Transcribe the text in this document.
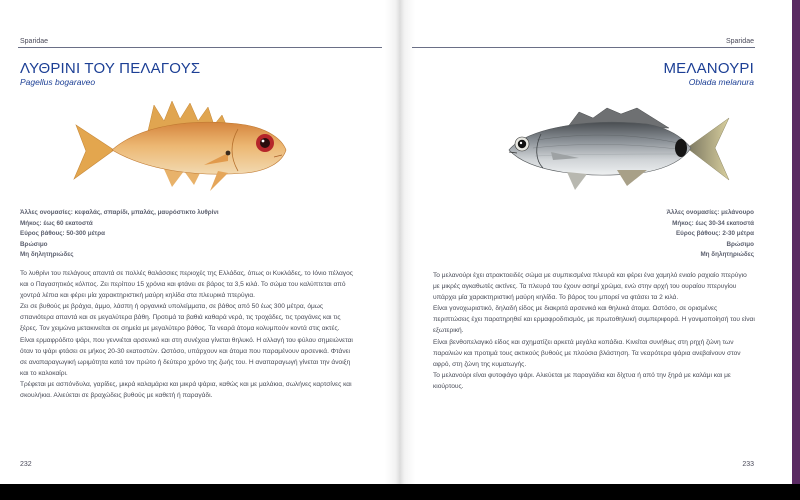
Sparidae
ΛΥΘΡΙΝΙ ΤΟΥ ΠΕΛΑΓΟΥΣ
Pagellus bogaraveo
Άλλες ονομασίες: κεφαλάς, σπαρίδι, μπαλάς, μαυρόστικτο λυθρίνι
Μήκος: έως 60 εκατοστά
Εύρος βάθους: 50-300 μέτρα
Βρώσιμο
Μη δηλητηριώδες

Το λυθρίνι του πελάγους απαντά σε πολλές θαλάσσιες περιοχές της Ελλάδας, όπως οι Κυκλάδες, το Ιόνιο πέλαγος και ο Παγασητικός κόλπος. Ζει περίπου 15 χρόνια και φτάνει σε βάρος τα 3,5 κιλά. Το σώμα του καλύπτεται από χοντρά λέπια και φέρει μία χαρακτηριστική μαύρη κηλίδα στα πλευρικά πτερύγια.

Ζει σε βυθούς με βράχια, άμμο, λάσπη ή οργανικά υπολείμματα, σε βάθος από 50 έως 300 μέτρα, όμως σπανιότερα απαντά και σε μεγαλύτερα βάθη. Προτιμά τα βαθιά καθαρά νερά, τις τροχάδες, τις τραγάνες και τις ξέρες. Τον χειμώνα μετακινείται σε σημεία με μεγαλύτερο βάθος. Τα νεαρά άτομα κολυμπούν κοντά στις ακτές.

Είναι ερμαφρόδιτο ψάρι, που γεννιέται αρσενικό και στη συνέχεια γίνεται θηλυκό. Η αλλαγή του φύλου σημειώνεται όταν το ψάρι φτάσει σε μήκος 20-30 εκατοστών. Ωστόσο, υπάρχουν και άτομα που παραμένουν αρσενικά. Φτάνει σε αναπαραγωγική ωριμότητα κατά τον πρώτο ή δεύτερο χρόνο της ζωής του. Η αναπαραγωγή γίνεται την άνοιξη και το καλοκαίρι.

Τρέφεται με ασπόνδυλα, γαρίδες, μικρά καλαμάρια και μικρά ψάρια, καθώς και με μαλάκια, σωλήνες καρτσίνες και σκουλήκια. Αλιεύεται σε βραχώδεις βυθούς με καθετή ή παραγάδι.

232
Sparidae
ΜΕΛΑΝΟΥΡΙ
Oblada melanura
Άλλες ονομασίες: μελάνουρο
Μήκος: έως 30-34 εκατοστά
Εύρος βάθους: 2-30 μέτρα
Βρώσιμο
Μη δηλητηριώδες

Το μελανούρι έχει ατρακτοειδές σώμα με συμπιεσμένα πλευρά και φέρει ένα χαμηλό ενιαίο ραχιαίο πτερύγιο με μικρές αγκαθωτές ακτίνες. Τα πλευρά του έχουν ασημί χρώμα, ενώ στην αρχή του ουραίου πτερυγίου υπάρχει μία χαρακτηριστική μαύρη κηλίδα. Το βάρος του μπορεί να φτάσει τα 2 κιλά.

Είναι γονοχωριστικό, δηλαδή είδος με διακριτά αρσενικά και θηλυκά άτομα. Ωστόσο, σε ορισμένες περιπτώσεις έχει παρατηρηθεί και ερμαφροδιτισμός, με πρωτοθηλυκή συμπεριφορά. Η γονιμοποίησή του είναι εξωτερική.

Είναι βενθοπελαγικό είδος και σχηματίζει αρκετά μεγάλα κοπάδια. Κινείται συνήθως στη ρηχή ζώνη των παραλιών και προτιμά τους ακτικούς βυθούς με πλούσια βλάστηση. Τα νεαρότερα ψάρια ανεβαίνουν στον αφρό, στη ζώνη της κυματωγής.

Το μελανούρι είναι φυτοφάγο ψάρι. Αλιεύεται με παραγάδια και δίχτυα ή από την ξηρά με καλάμι και με κιούρτους.

233
